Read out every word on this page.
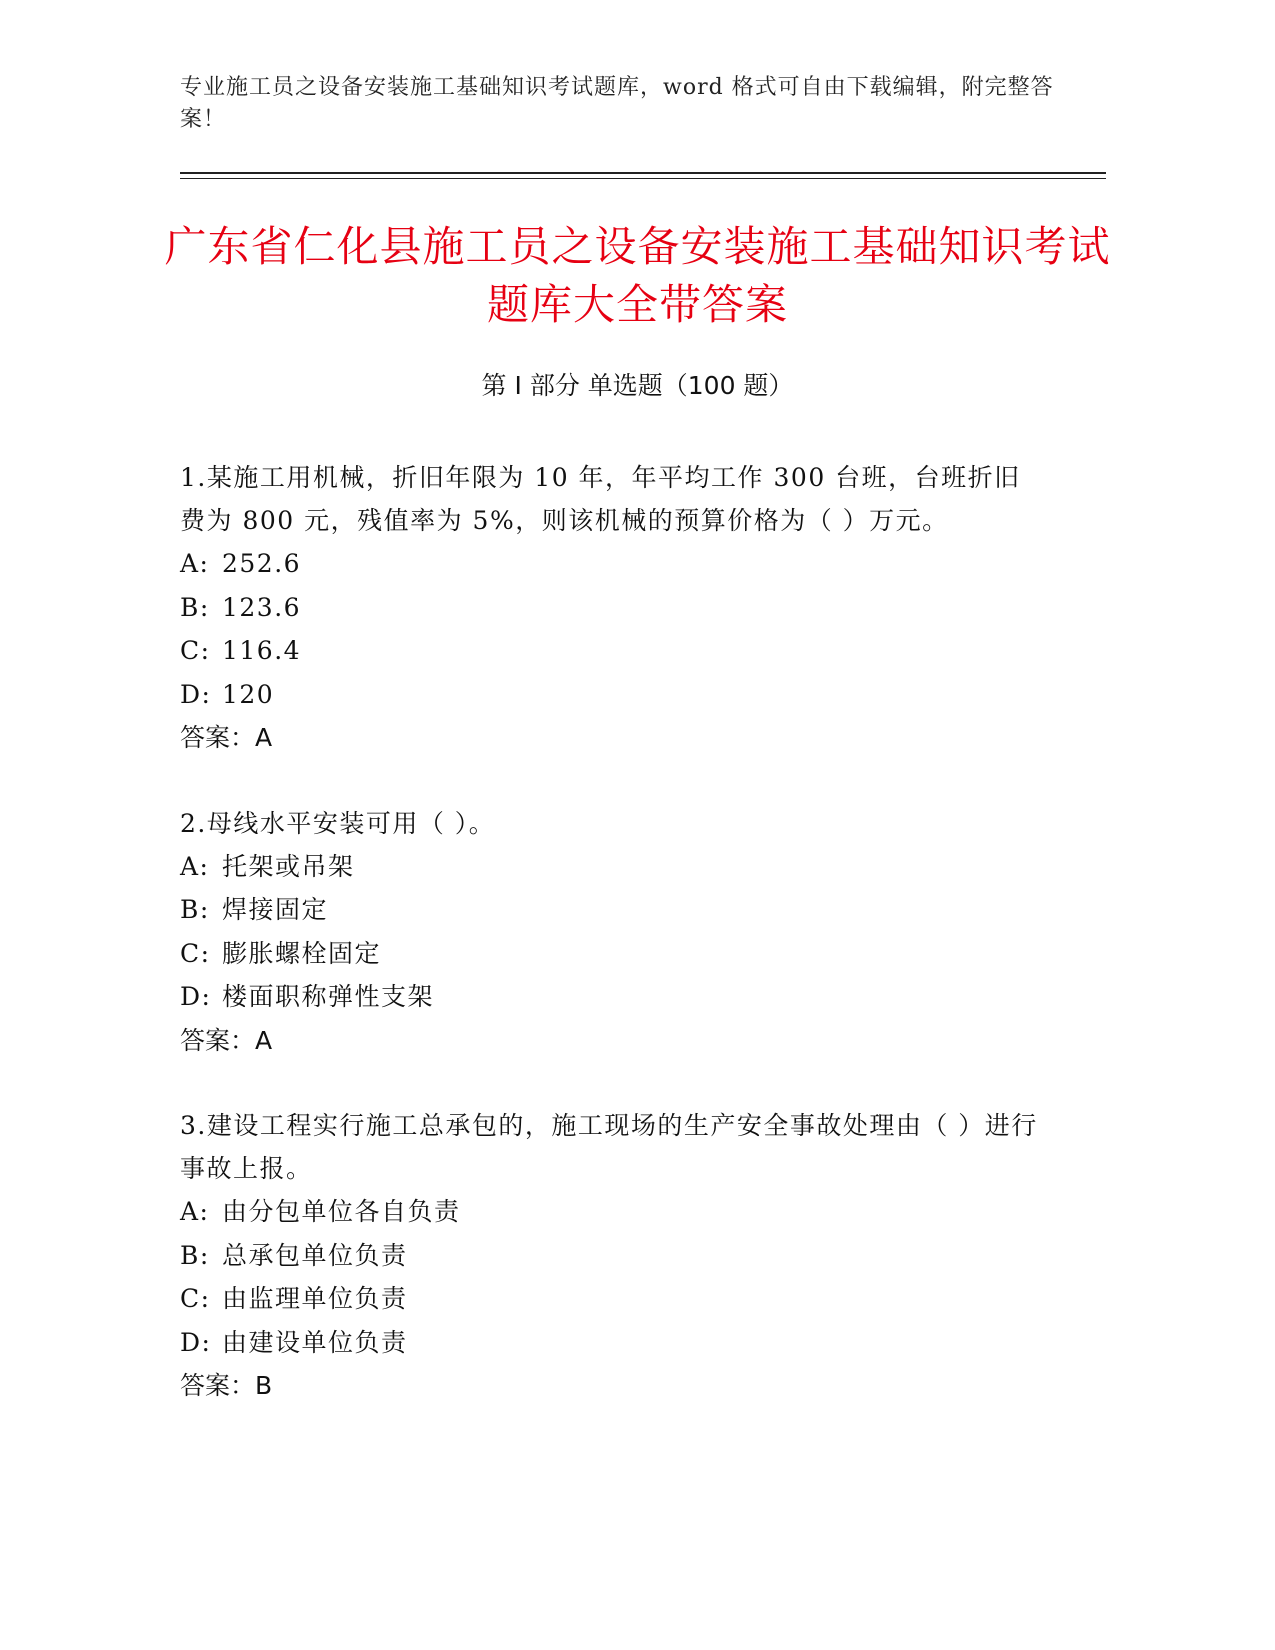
专业施工员之设备安装施工基础知识考试题库，word 格式可自由下载编辑，附完整答案！
广东省仁化县施工员之设备安装施工基础知识考试题库大全带答案
第 I 部分 单选题（100 题）
1.某施工用机械，折旧年限为 10 年，年平均工作 300 台班，台班折旧费为 800 元，残值率为 5%，则该机械的预算价格为（ ）万元。
A: 252.6
B: 123.6
C: 116.4
D: 120
答案：A
2.母线水平安装可用（ ）。
A: 托架或吊架
B: 焊接固定
C: 膨胀螺栓固定
D: 楼面职称弹性支架
答案：A
3.建设工程实行施工总承包的，施工现场的生产安全事故处理由（ ）进行事故上报。
A: 由分包单位各自负责
B: 总承包单位负责
C: 由监理单位负责
D: 由建设单位负责
答案：B
